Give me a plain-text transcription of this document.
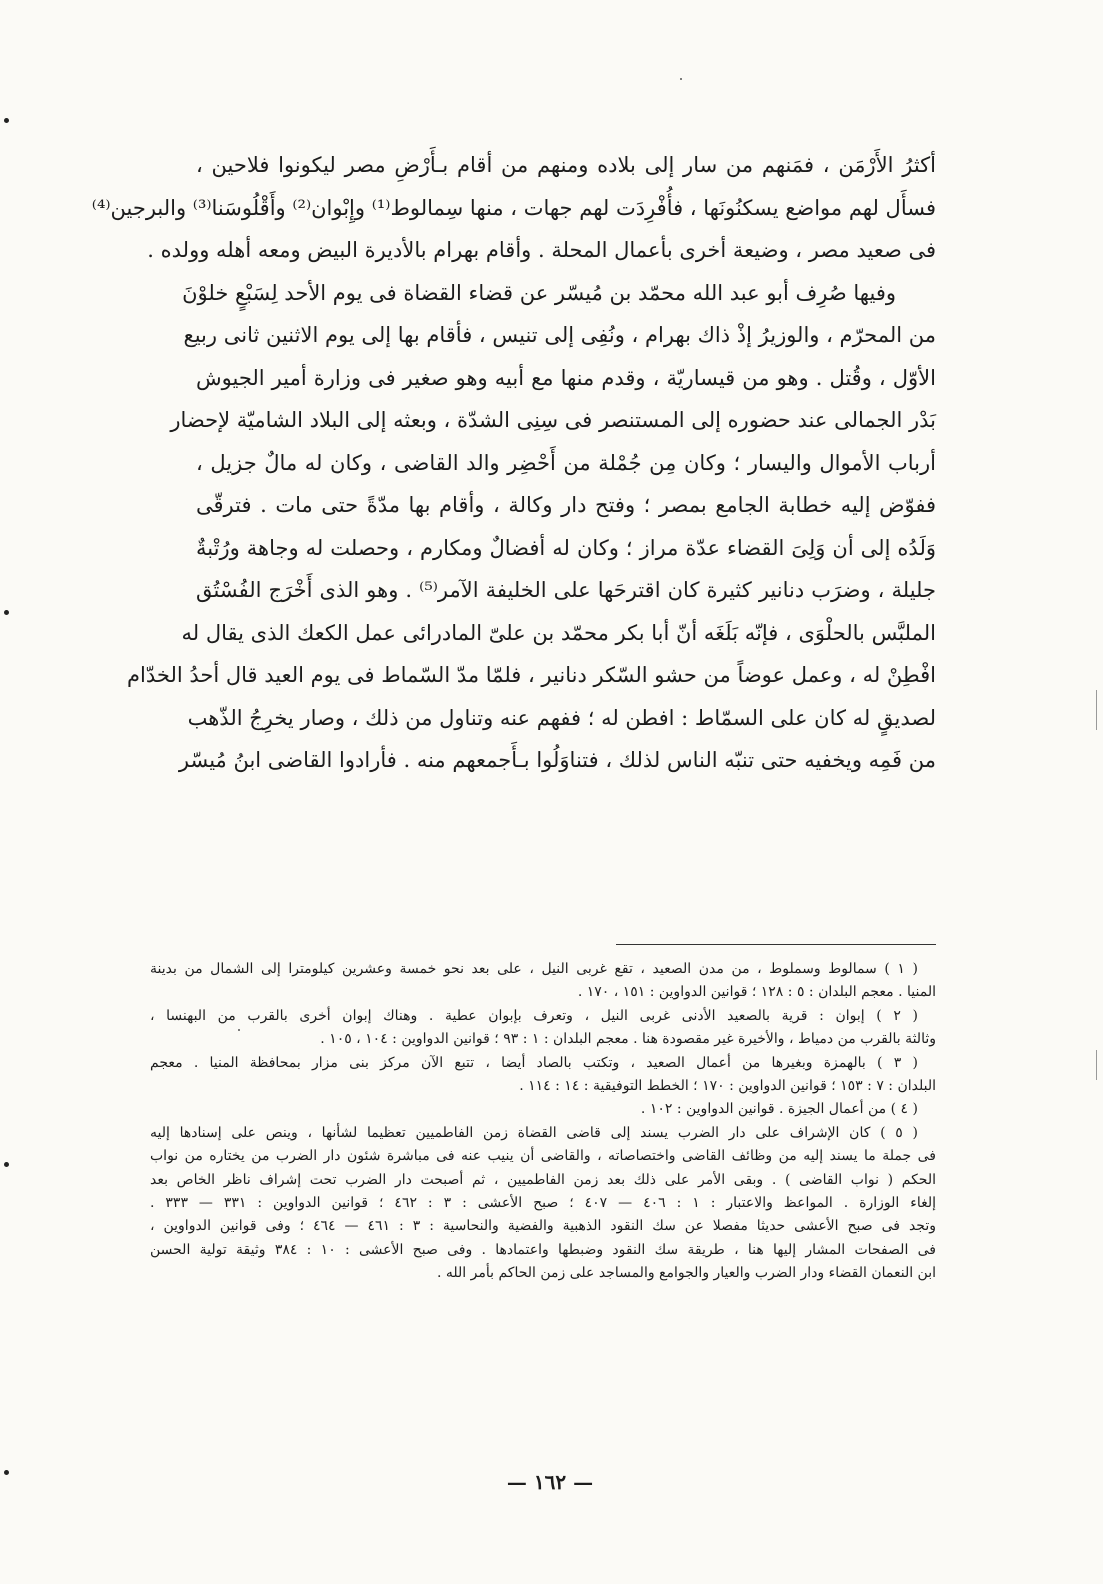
أكثرُ الأَرْمَن ، فمَنهم من سار إلى بلاده ومنهم من أقام بـأَرْضِ مصر ليكونوا فلاحين ،
فسأَل لهم مواضع يسكنُونَها ، فأُفْرِدَت لهم جهات ، منها سِمالوط⁽¹⁾ وإِبْوان⁽²⁾ وأَقْلُوسَنا⁽³⁾ والبرجين⁽⁴⁾
فى صعيد مصر ، وضيعة أخرى بأعمال المحلة . وأقام بهرام بالأديرة البيض ومعه أهله وولده .
وفيها صُرِف أبو عبد الله محمّد بن مُيسّر عن قضاء القضاة فى يوم الأحد لِسَبْعٍ خلوْنَ
من المحرّم ، والوزيرُ إذْ ذاك بهرام ، ونُفِى إلى تنيس ، فأقام بها إلى يوم الاثنين ثانى ربيع
الأوّل ، وقُتل . وهو من قيساريّة ، وقدم منها مع أبيه وهو صغير فى وزارة أمير الجيوش
بَدْر الجمالى عند حضوره إلى المستنصر فى سِنِى الشدّة ، وبعثه إلى البلاد الشاميّة لإحضار
أرباب الأموال واليسار ؛ وكان مِن جُمْلة من أَحْضِر والد القاضى ، وكان له مالٌ جزيل ،
ففوّض إليه خطابة الجامع بمصر ؛ وفتح دار وكالة ، وأقام بها مدّةً حتى مات . فترقّى
وَلَدُه إلى أن وَلِىَ القضاء عدّة مراز ؛ وكان له أفضالٌ ومكارم ، وحصلت له وجاهة ورُتْبةٌ
جليلة ، وضرَب دنانير كثيرة كان اقترحَها على الخليفة الآمر⁽⁵⁾ . وهو الذى أَخْرَج الفُسْتُق
الملبَّس بالحلْوَى ، فإنّه بَلَغَه أنّ أبا بكر محمّد بن علىّ المادرائى عمل الكعك الذى يقال له
افْطِنْ له ، وعمل عوضاً من حشو السّكر دنانير ، فلمّا مدّ السّماط فى يوم العيد قال أحدُ الخدّام
لصديقٍ له كان على السمّاط : افطن له ؛ ففهم عنه وتناول من ذلك ، وصار يخرِجُ الذّهب
من فَمِه ويخفيه حتى تنبّه الناس لذلك ، فتناوَلُوا بـأَجمعهم منه . فأرادوا القاضى ابنُ مُيسّر
( ١ ) سمالوط وسملوط ، من مدن الصعيد ، تقع غربى النيل ، على بعد نحو خمسة وعشرين كيلومترا إلى الشمال من بدينة
المنيا . معجم البلدان : ٥ : ١٢٨ ؛ قوانين الدواوين : ١٥١ ، ١٧٠ .
( ٢ ) إبوان : قرية بالصعيد الأدنى غربى النيل ، وتعرف بإبوان عطية . وهناك إبوان أخرى بالقرب من البهنسا ،
وثالثة بالقرب من دمياط ، والأخيرة غير مقصودة هنا . معجم البلدان : ١ : ٩٣ ؛ قوانين الدواوين : ١٠٤ ، ١٠٥ .
( ٣ ) بالهمزة وبغيرها من أعمال الصعيد ، وتكتب بالصاد أيضا ، تتبع الآن مركز بنى مزار بمحافظة المنيا . معجم
البلدان : ٧ : ١٥٣ ؛ قوانين الدواوين : ١٧٠ ؛ الخطط التوفيقية : ١٤ : ١١٤ .
( ٤ ) من أعمال الجيزة . قوانين الدواوين : ١٠٢ .
( ٥ ) كان الإشراف على دار الضرب يسند إلى قاضى القضاة زمن الفاطميين تعظيما لشأنها ، وينص على إسنادها إليه
فى جملة ما يسند إليه من وظائف القاضى واختصاصاته ، والقاضى أن ينيب عنه فى مباشرة شئون دار الضرب من يختاره من نواب
الحكم ( نواب القاضى ) . وبقى الأمر على ذلك بعد زمن الفاطميين ، ثم أصبحت دار الضرب تحت إشراف ناظر الخاص بعد
إلغاء الوزارة . المواعظ والاعتبار : ١ : ٤٠٦ — ٤٠٧ ؛ صبح الأعشى : ٣ : ٤٦٢ ؛ قوانين الدواوين : ٣٣١ — ٣٣٣ .
وتجد فى صبح الأعشى حديثا مفصلا عن سك النقود الذهبية والفضية والنحاسية : ٣ : ٤٦١ — ٤٦٤ ؛ وفى قوانين الدواوين ،
فى الصفحات المشار إليها هنا ، طريقة سك النقود وضبطها واعتمادها . وفى صبح الأعشى : ١٠ : ٣٨٤ وثيقة تولية الحسن
ابن النعمان القضاء ودار الضرب والعيار والجوامع والمساجد على زمن الحاكم بأمر الله .
— ١٦٢ —
